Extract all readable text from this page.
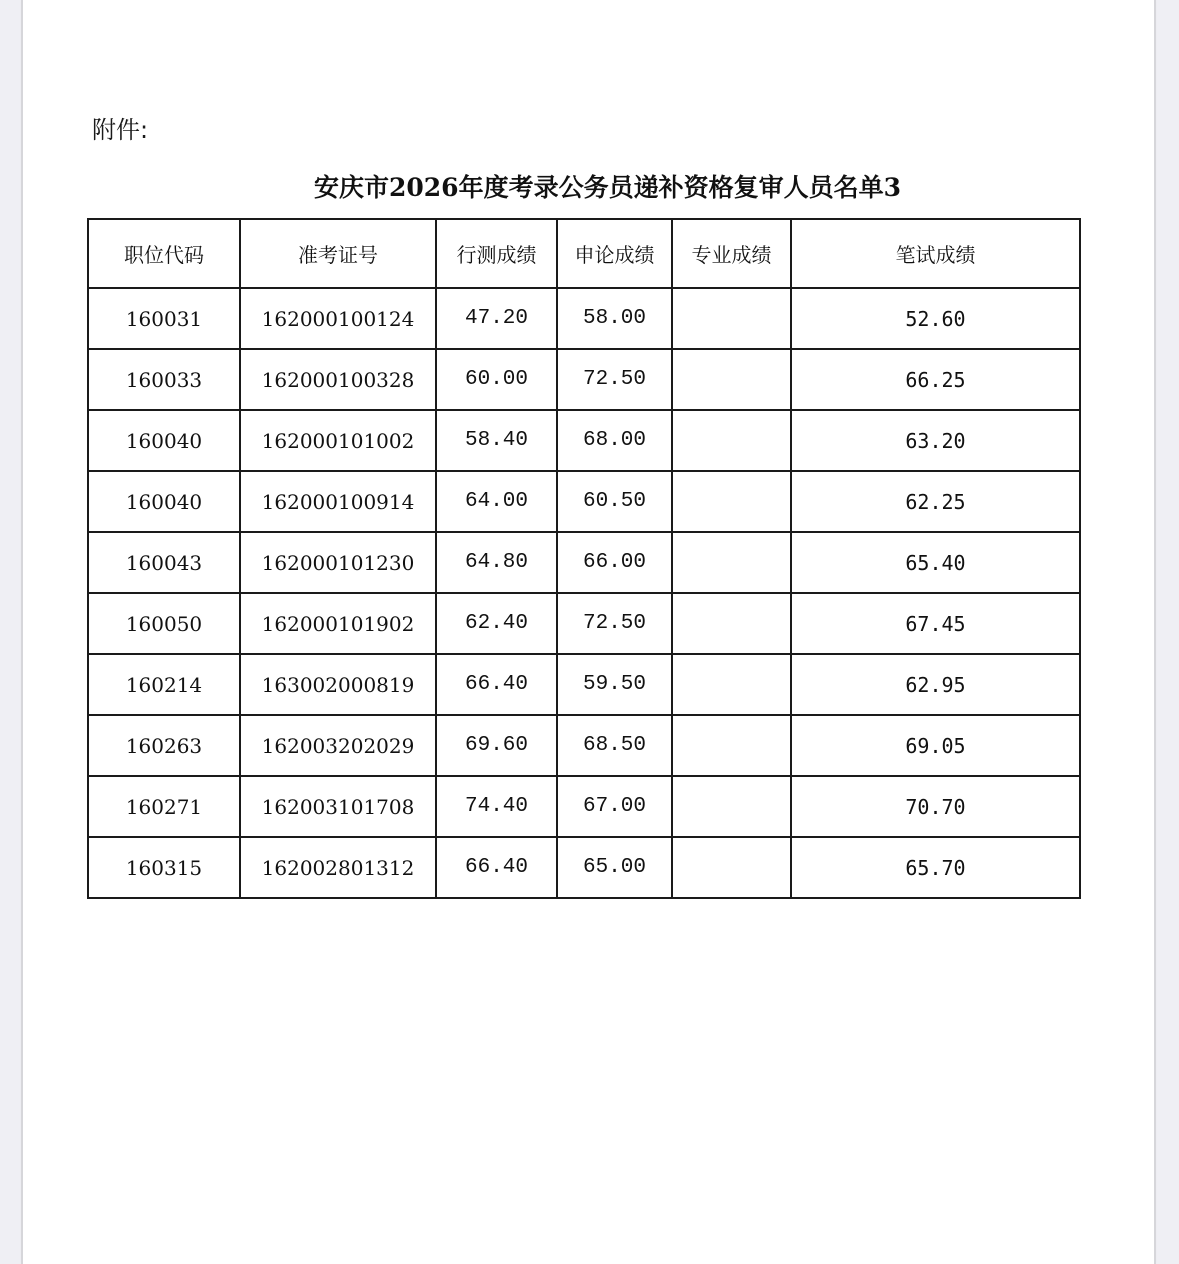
附件:
安庆市2026年度考录公务员递补资格复审人员名单3
职位代码	准考证号	行测成绩	申论成绩	专业成绩	笔试成绩
160031	162000100124	47.20	58.00		52.60
160033	162000100328	60.00	72.50		66.25
160040	162000101002	58.40	68.00		63.20
160040	162000100914	64.00	60.50		62.25
160043	162000101230	64.80	66.00		65.40
160050	162000101902	62.40	72.50		67.45
160214	163002000819	66.40	59.50		62.95
160263	162003202029	69.60	68.50		69.05
160271	162003101708	74.40	67.00		70.70
160315	162002801312	66.40	65.00		65.70
